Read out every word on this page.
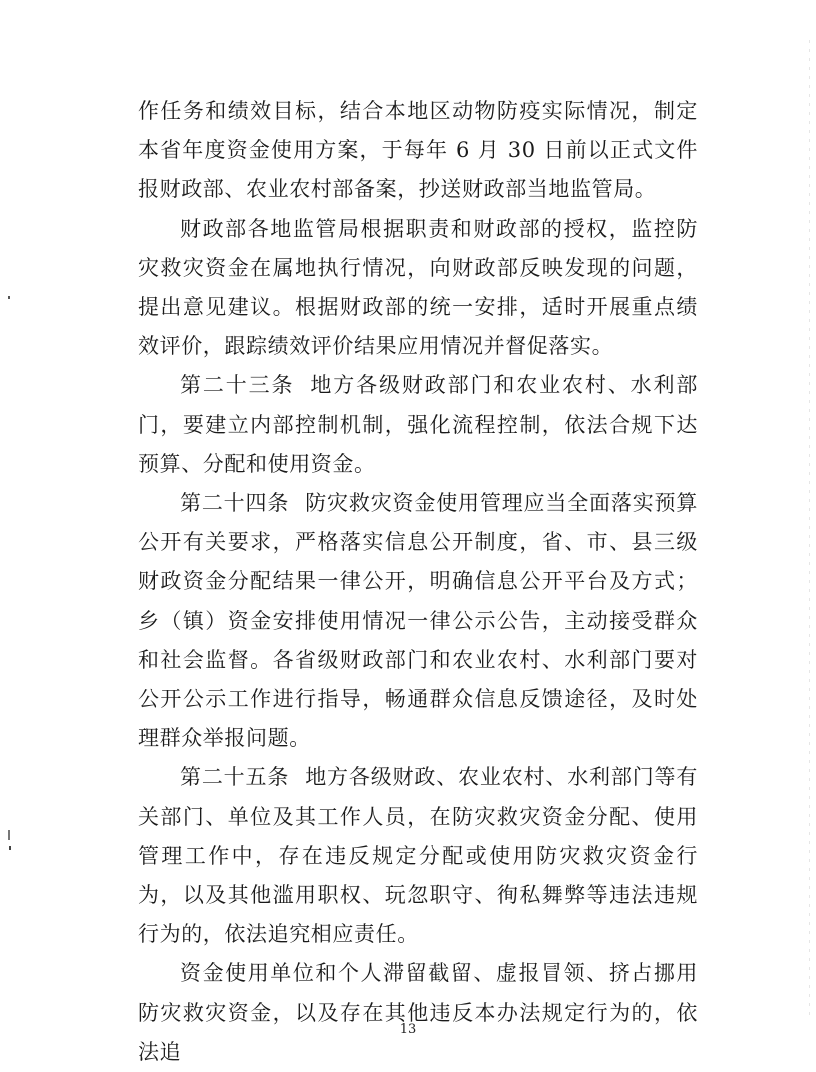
作任务和绩效目标，结合本地区动物防疫实际情况，制定本省年度资金使用方案，于每年 6 月 30 日前以正式文件报财政部、农业农村部备案，抄送财政部当地监管局。

财政部各地监管局根据职责和财政部的授权，监控防灾救灾资金在属地执行情况，向财政部反映发现的问题，提出意见建议。根据财政部的统一安排，适时开展重点绩效评价，跟踪绩效评价结果应用情况并督促落实。

第二十三条 地方各级财政部门和农业农村、水利部门，要建立内部控制机制，强化流程控制，依法合规下达预算、分配和使用资金。

第二十四条 防灾救灾资金使用管理应当全面落实预算公开有关要求，严格落实信息公开制度，省、市、县三级财政资金分配结果一律公开，明确信息公开平台及方式；乡（镇）资金安排使用情况一律公示公告，主动接受群众和社会监督。各省级财政部门和农业农村、水利部门要对公开公示工作进行指导，畅通群众信息反馈途径，及时处理群众举报问题。

第二十五条 地方各级财政、农业农村、水利部门等有关部门、单位及其工作人员，在防灾救灾资金分配、使用管理工作中，存在违反规定分配或使用防灾救灾资金行为，以及其他滥用职权、玩忽职守、徇私舞弊等违法违规行为的，依法追究相应责任。

资金使用单位和个人滞留截留、虚报冒领、挤占挪用防灾救灾资金，以及存在其他违反本办法规定行为的，依法追

13
